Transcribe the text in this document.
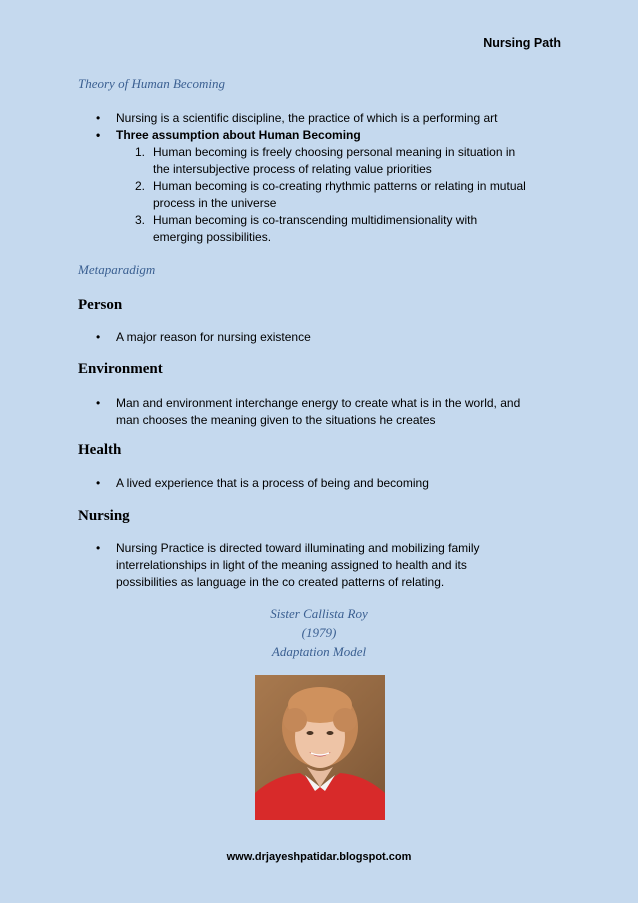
Nursing Path

Theory of Human Becoming

• Nursing is a scientific discipline, the practice of which is a performing art
• Three assumption about Human Becoming
1. Human becoming is freely choosing personal meaning in situation in
the intersubjective process of relating value priorities
2. Human becoming is co-creating rhythmic patterns or relating in mutual
process in the universe
3. Human becoming is co-transcending multidimensionality with
emerging possibilities.

Metaparadigm

Person

• A major reason for nursing existence

Environment

• Man and environment interchange energy to create what is in the world, and
man chooses the meaning given to the situations he creates

Health

• A lived experience that is a process of being and becoming

Nursing

• Nursing Practice is directed toward illuminating and mobilizing family
interrelationships in light of the meaning assigned to health and its
possibilities as language in the co created patterns of relating.
Sister Callista Roy
(1979)
Adaptation Model
www.drjayeshpatidar.blogspot.com
